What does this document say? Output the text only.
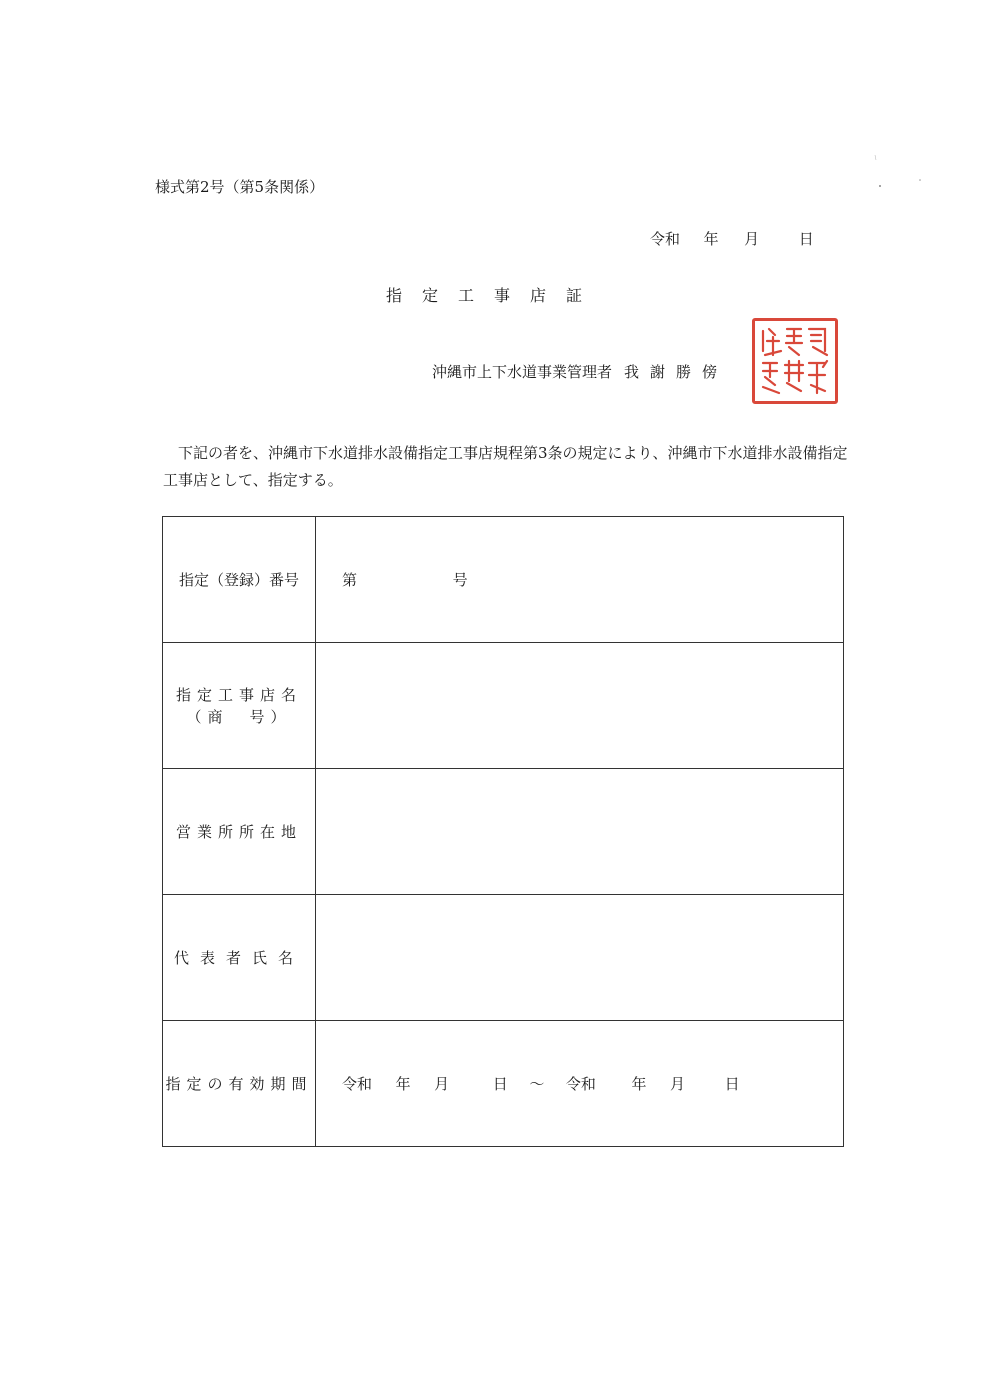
様式第2号（第5条関係）
令和 年 月	日
指定工事店証
沖縄市上下水道事業管理者 我謝勝傍
下記の者を、沖縄市下水道排水設備指定工事店規程第3条の規定により、沖縄市下水道排水設備指定工事店として、指定する。
指定（登録）番号	第 号

指定工事店名
（商　号）	

営業所所在地	
代表者氏名	
指定の有効期間	令和 年 月 日 ～ 令和 年 月 日
